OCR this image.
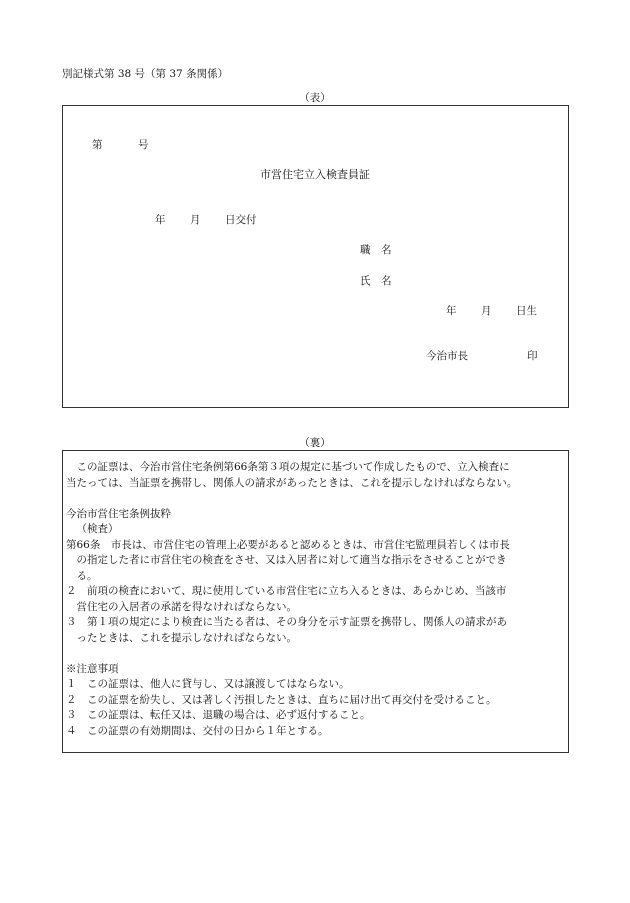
別記様式第 38 号（第 37 条関係）
（表）
第	号
市営住宅立入検査員証
年 月 日交付
職　名
氏　名
年 月 日生
今治市長	印
（裏）

この証票は、今治市営住宅条例第66条第３項の規定に基づいて作成したもので、立入検査に

当たっては、当証票を携帯し、関係人の請求があったときは、これを提示しなければならない。

今治市営住宅条例抜粋

（検査）

第66条　市長は、市営住宅の管理上必要があると認めるときは、市営住宅監理員若しくは市長

の指定した者に市営住宅の検査をさせ、又は入居者に対して適当な指示をさせることができ

る。

２ 前項の検査において、現に使用している市営住宅に立ち入るときは、あらかじめ、当該市

営住宅の入居者の承諾を得なければならない。

３ 第１項の規定により検査に当たる者は、その身分を示す証票を携帯し、関係人の請求があ

ったときは、これを提示しなければならない。

※注意事項

１ この証票は、他人に貸与し、又は譲渡してはならない。

２ この証票を紛失し、又は著しく汚損したときは、直ちに届け出て再交付を受けること。

３ この証票は、転任又は、退職の場合は、必ず返付すること。

４ この証票の有効期間は、交付の日から１年とする。
